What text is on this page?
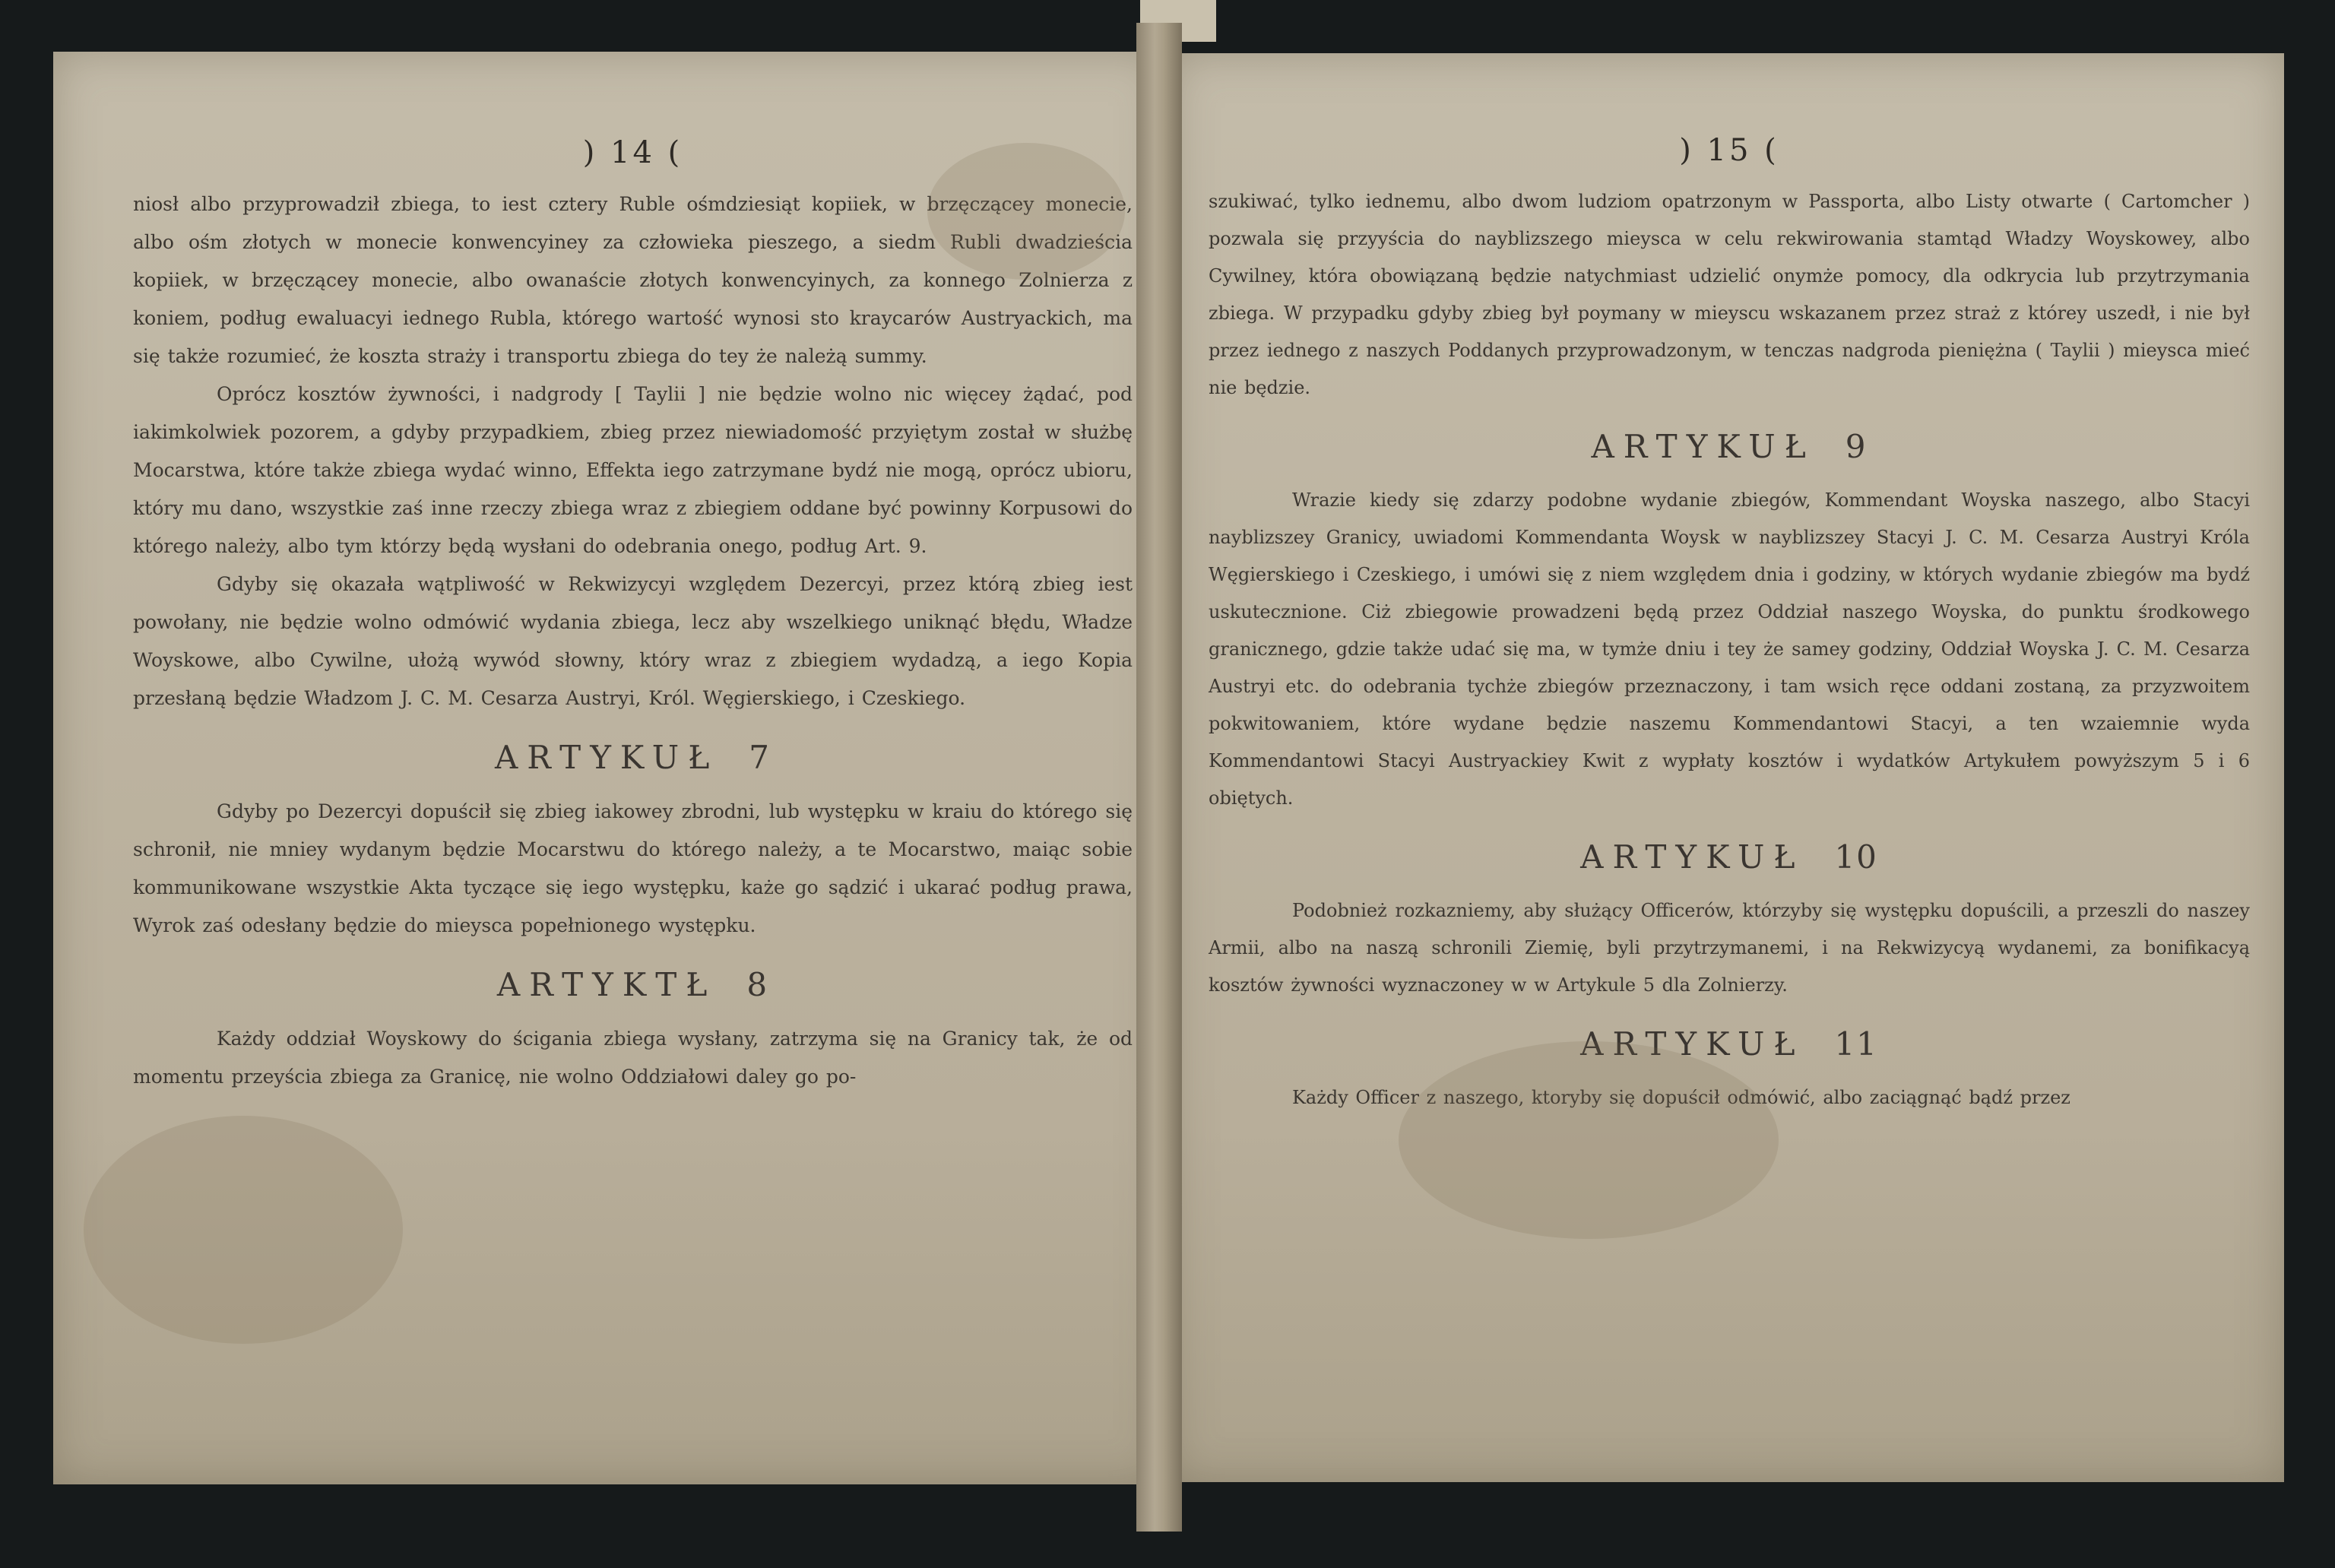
) 14 (

niosł albo przyprowadził zbiega, to iest cztery Ruble ośmdziesiąt kopiiek, w brzęczącey monecie, albo ośm złotych w monecie konwencyiney za człowieka pieszego, a siedm Rubli dwadzieścia kopiiek, w brzęczącey monecie, albo owanaście złotych konwencyinych, za konnego Zolnierza z koniem, podług ewaluacyi iednego Rubla, którego wartość wynosi sto kraycarów Austryackich, ma się także rozumieć, że koszta straży i transportu zbiega do tey że należą summy.

Oprócz kosztów żywności, i nadgrody [ Taylii ] nie będzie wolno nic więcey żądać, pod iakimkolwiek pozorem, a gdyby przypadkiem, zbieg przez niewiadomość przyiętym został w służbę Mocarstwa, które także zbiega wydać winno, Effekta iego zatrzymane bydź nie mogą, oprócz ubioru, który mu dano, wszystkie zaś inne rzeczy zbiega wraz z zbiegiem oddane być powinny Korpusowi do którego należy, albo tym którzy będą wysłani do odebrania onego, podług Art. 9.

Gdyby się okazała wątpliwość w Rekwizycyi względem Dezercyi, przez którą zbieg iest powołany, nie będzie wolno odmówić wydania zbiega, lecz aby wszelkiego uniknąć błędu, Władze Woyskowe, albo Cywilne, ułożą wywód słowny, który wraz z zbiegiem wydadzą, a iego Kopia przesłaną będzie Władzom J. C. M. Cesarza Austryi, Król. Węgierskiego, i Czeskiego.

ARTYKUŁ 7

Gdyby po Dezercyi dopuścił się zbieg iakowey zbrodni, lub występku w kraiu do którego się schronił, nie mniey wydanym będzie Mocarstwu do którego należy, a te Mocarstwo, maiąc sobie kommunikowane wszystkie Akta tyczące się iego występku, każe go sądzić i ukarać podług prawa, Wyrok zaś odesłany będzie do mieysca popełnionego występku.

ARTYKTŁ 8

Każdy oddział Woyskowy do ścigania zbiega wysłany, zatrzyma się na Granicy tak, że od momentu przeyścia zbiega za Granicę, nie wolno Oddziałowi daley go po-

) 15 (

szukiwać, tylko iednemu, albo dwom ludziom opatrzonym w Passporta, albo Listy otwarte ( Cartomcher ) pozwala się przyyścia do nayblizszego mieysca w celu rekwirowania stamtąd Władzy Woyskowey, albo Cywilney, która obowiązaną będzie natychmiast udzielić onymże pomocy, dla odkrycia lub przytrzymania zbiega. W przypadku gdyby zbieg był poymany w mieyscu wskazanem przez straż z którey uszedł, i nie był przez iednego z naszych Poddanych przyprowadzonym, w tenczas nadgroda pieniężna ( Taylii ) mieysca mieć nie będzie.

ARTYKUŁ 9

Wrazie kiedy się zdarzy podobne wydanie zbiegów, Kommendant Woyska naszego, albo Stacyi nayblizszey Granicy, uwiadomi Kommendanta Woysk w nayblizszey Stacyi J. C. M. Cesarza Austryi Króla Węgierskiego i Czeskiego, i umówi się z niem względem dnia i godziny, w których wydanie zbiegów ma bydź uskutecznione. Ciż zbiegowie prowadzeni będą przez Oddział naszego Woyska, do punktu środkowego granicznego, gdzie także udać się ma, w tymże dniu i tey że samey godziny, Oddział Woyska J. C. M. Cesarza Austryi etc. do odebrania tychże zbiegów przeznaczony, i tam wsich ręce oddani zostaną, za przyzwoitem pokwitowaniem, które wydane będzie naszemu Kommendantowi Stacyi, a ten wzaiemnie wyda Kommendantowi Stacyi Austryackiey Kwit z wypłaty kosztów i wydatków Artykułem powyższym 5 i 6 obiętych.

ARTYKUŁ 10

Podobnież rozkazniemy, aby służący Officerów, którzyby się występku dopuścili, a przeszli do naszey Armii, albo na naszą schronili Ziemię, byli przytrzymanemi, i na Rekwizycyą wydanemi, za bonifikacyą kosztów żywności wyznaczoney w w Artykule 5 dla Zolnierzy.

ARTYKUŁ 11

Każdy Officer z naszego, ktoryby się dopuścił odmówić, albo zaciągnąć bądź przez
